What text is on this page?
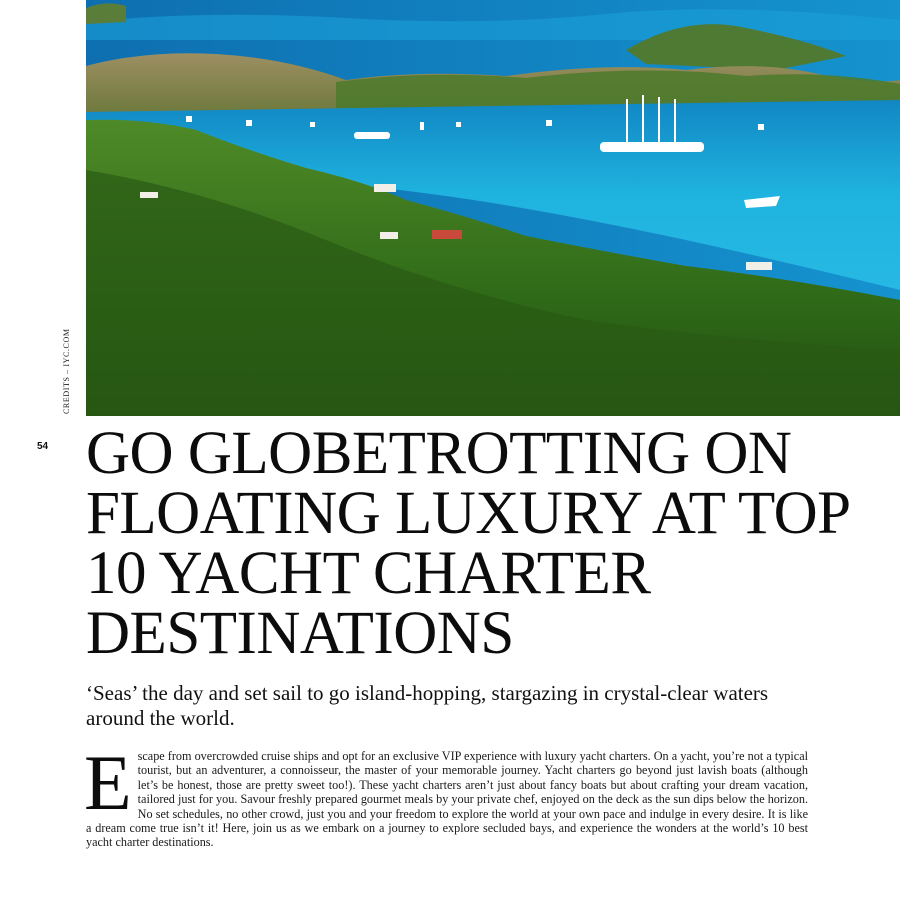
CREDITS – IYC.COM
54 GO GLOBETROTTING ON FLOATING LUXURY AT TOP 10 YACHT CHARTER DESTINATIONS

‘Seas’ the day and set sail to go island-hopping, stargazing in crystal-clear waters around the world.

Escape from overcrowded cruise ships and opt for an exclusive VIP experience with luxury yacht charters. On a yacht, you’re not a typical tourist, but an adventurer, a connoisseur, the master of your memorable journey. Yacht charters go beyond just lavish boats (although let’s be honest, those are pretty sweet too!). These yacht charters aren’t just about fancy boats but about crafting your dream vacation, tailored just for you. Savour freshly prepared gourmet meals by your private chef, enjoyed on the deck as the sun dips below the horizon. No set schedules, no other crowd, just you and your freedom to explore the world at your own pace and indulge in every desire. It is like a dream come true isn’t it! Here, join us as we embark on a journey to explore secluded bays, and experience the wonders at the world’s 10 best yacht charter destinations.
